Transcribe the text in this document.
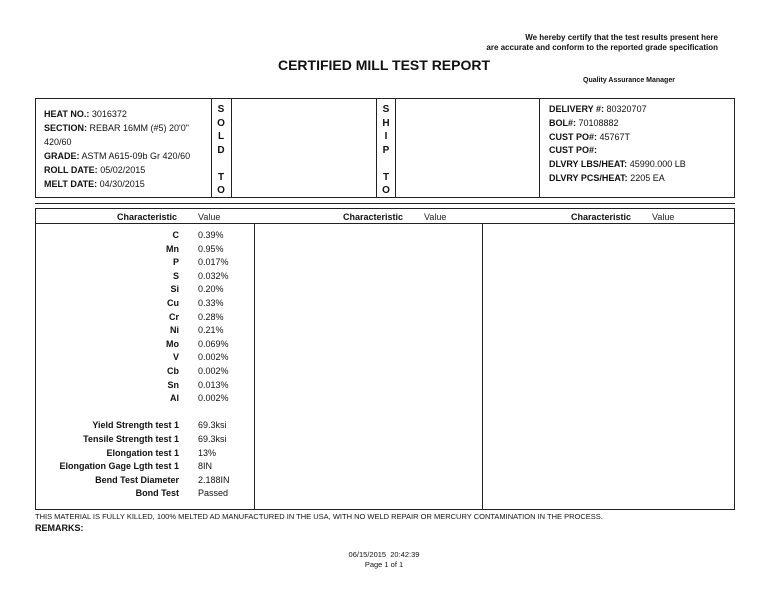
We hereby certify that the test results present here
are accurate and conform to the reported grade specification
CERTIFIED MILL TEST REPORT
Quality Assurance Manager
HEAT NO.: 3016372
SECTION: REBAR 16MM (#5) 20'0"
420/60
GRADE: ASTM A615-09b Gr 420/60
ROLL DATE: 05/02/2015
MELT DATE: 04/30/2015
S
O
L
D

T
O
S
H
I
P

T
O
DELIVERY #: 80320707
BOL#: 70108882
CUST PO#: 45767T
CUST PO#:
DLVRY LBS/HEAT: 45990.000 LB
DLVRY PCS/HEAT: 2205 EA
Characteristic Value	Characteristic Value	Characteristic Value
C
Mn
P
S
Si
Cu
Cr
Ni
Mo
V
Cb
Sn
Al
Yield Strength test 1
Tensile Strength test 1
Elongation test 1
Elongation Gage Lgth test 1
Bend Test Diameter
Bond Test
0.39%
0.95%
0.017%
0.032%
0.20%
0.33%
0.28%
0.21%
0.069%
0.002%
0.002%
0.013%
0.002%
69.3ksi
69.3ksi
13%
8IN
2.188IN
Passed
THIS MATERIAL IS FULLY KILLED, 100% MELTED AD MANUFACTURED IN THE USA, WITH NO WELD REPAIR OR MERCURY CONTAMINATION IN THE PROCESS.
REMARKS:
06/15/2015  20:42:39
Page 1 of 1
